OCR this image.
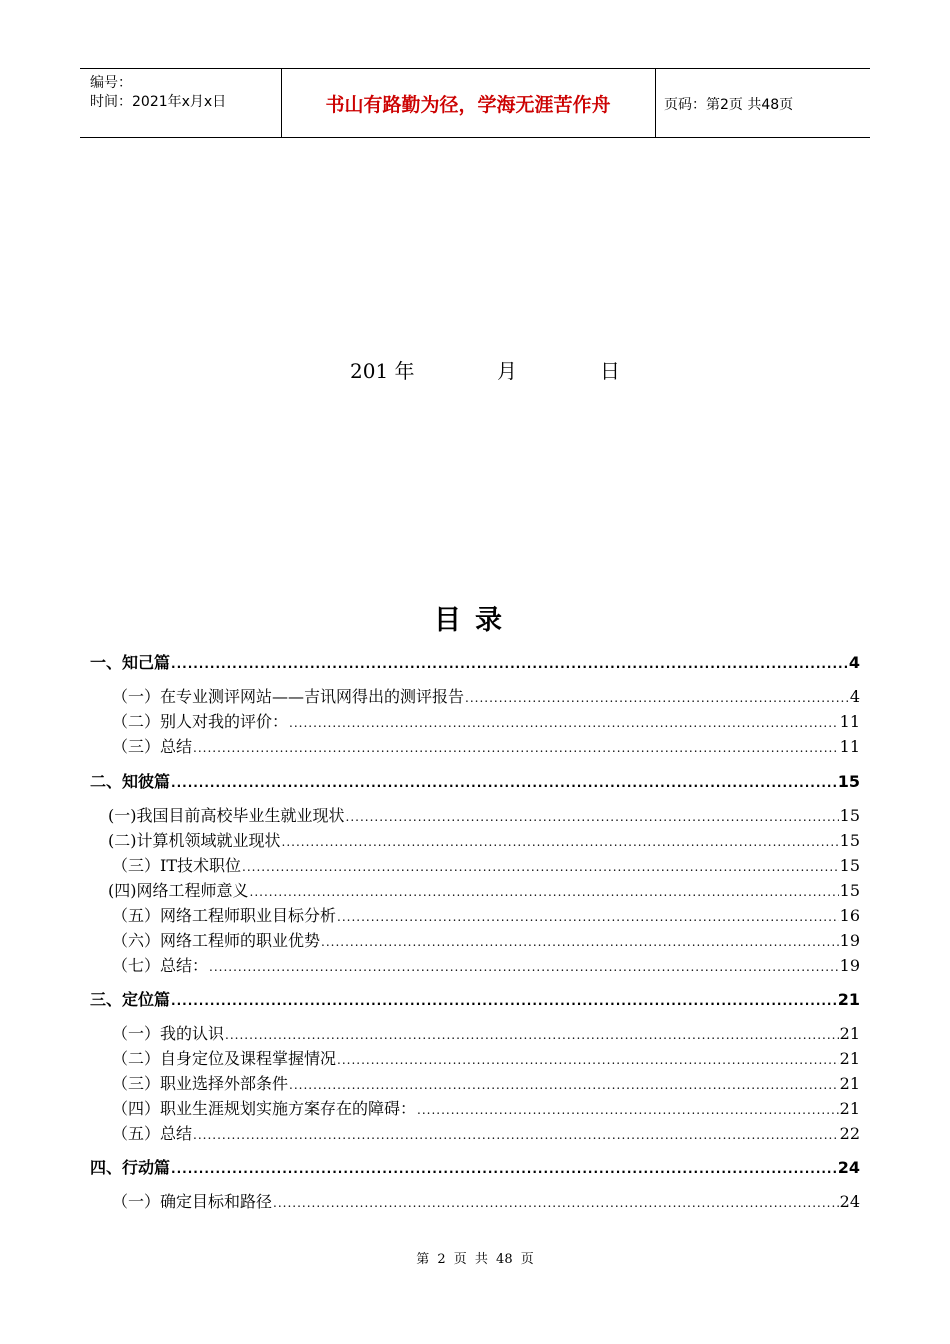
编号：
时间：2021年x月x日	书山有路勤为径，学海无涯苦作舟	页码：第2页 共48页
201 年	月	日
目录
一、知己篇 .....	4
（一）在专业测评网站——吉讯网得出的测评报告 .....	4
（二）别人对我的评价： .....	11
（三）总结 .....	11
二、知彼篇 .....	15
(一)我国目前高校毕业生就业现状 .....	15
(二)计算机领域就业现状 .....	15
（三）IT技术职位 .....	15
(四)网络工程师意义 .....	15
（五）网络工程师职业目标分析 .....	16
（六）网络工程师的职业优势 .....	19
（七）总结： .....	19
三、定位篇 .....	21
（一）我的认识 .....	21
（二）自身定位及课程掌握情况 .....	21
（三）职业选择外部条件 .....	21
（四）职业生涯规划实施方案存在的障碍： .....	21
（五）总结 .....	22
四、行动篇 .....	24
（一）确定目标和路径 .....	24
第 2 页 共 48 页
